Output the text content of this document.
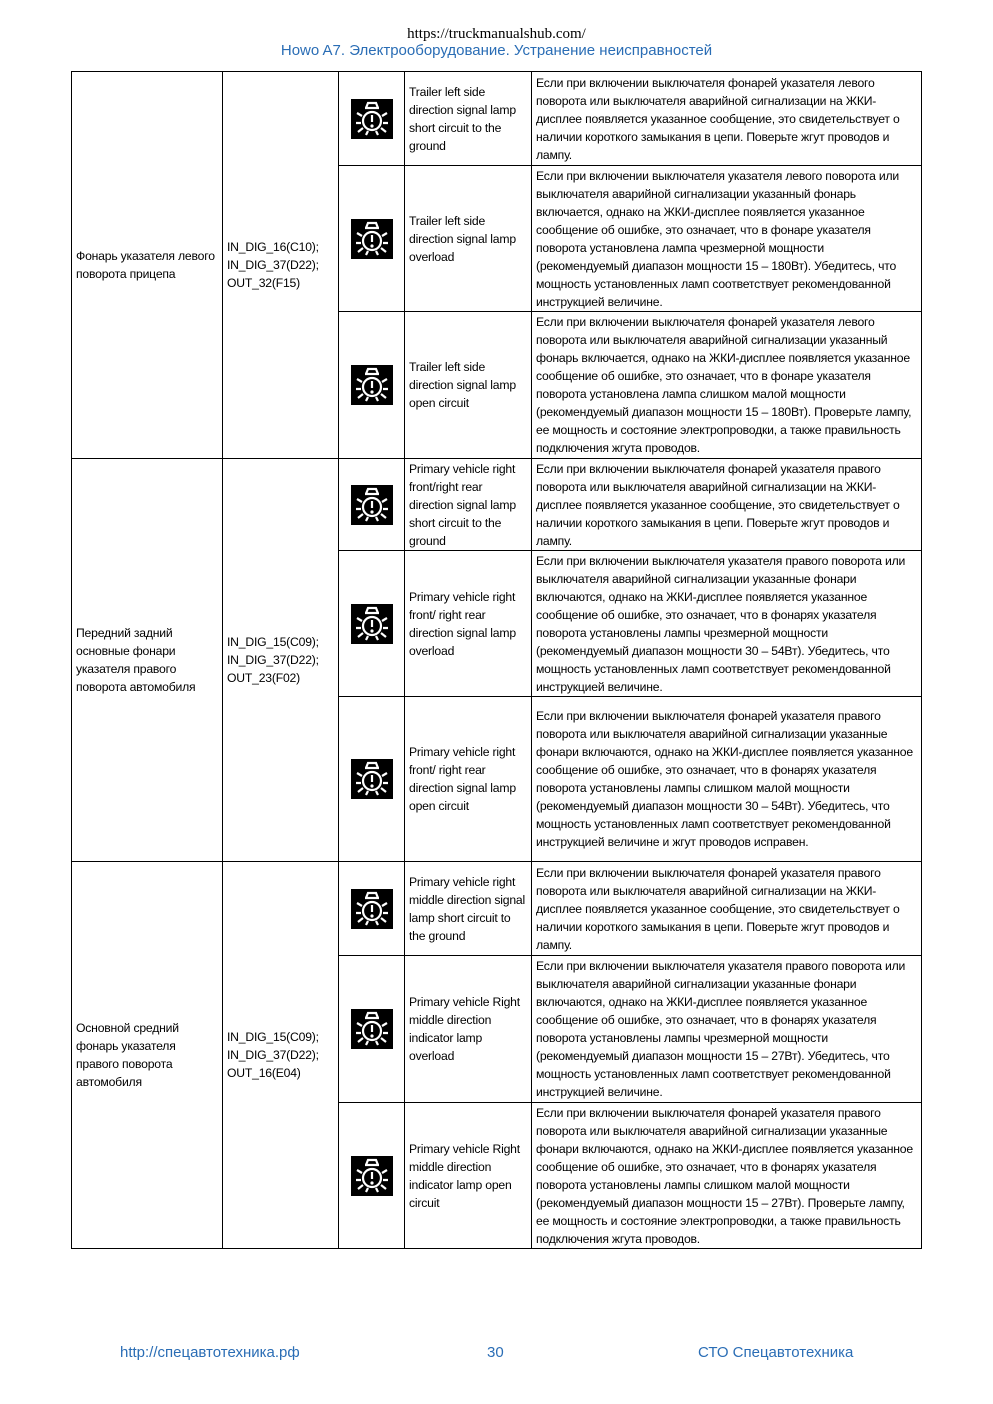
https://truckmanualshub.com/
Howo A7. Электрооборудование. Устранение неисправностей
Фонарь указателя левого поворота прицепа	IN_DIG_16(C10); IN_DIG_37(D22); OUT_32(F15)		Trailer left side direction signal lamp short circuit to the ground	Если при включении выключателя фонарей указателя левого поворота или выключателя аварийной сигнализации на ЖКИ-дисплее появляется указанное сообщение, это свидетельствует о наличии короткого замыкания в цепи. Поверьте жгут проводов и лампу.
	Trailer left side direction signal lamp overload	Если при включении выключателя указателя левого поворота или выключателя аварийной сигнализации указанный фонарь включается, однако на ЖКИ-дисплее появляется указанное сообщение об ошибке, это означает, что в фонаре указателя поворота установлена лампа чрезмерной мощности (рекомендуемый диапазон мощности 15 – 180Вт). Убедитесь, что мощность установленных ламп соответствует рекомендованной инструкцией величине.
	Trailer left side direction signal lamp open circuit	Если при включении выключателя фонарей указателя левого поворота или выключателя аварийной сигнализации указанный фонарь включается, однако на ЖКИ-дисплее появляется указанное сообщение об ошибке, это означает, что в фонаре указателя поворота установлена лампа слишком малой мощности (рекомендуемый диапазон мощности 15 – 180Вт). Проверьте лампу, ее мощность и состояние электропроводки, а также правильность подключения жгута проводов.
Передний задний основные фонари указателя правого поворота автомобиля	IN_DIG_15(C09); IN_DIG_37(D22); OUT_23(F02)		Primary vehicle right front/right rear direction signal lamp short circuit to the ground	Если при включении выключателя фонарей указателя правого поворота или выключателя аварийной сигнализации на ЖКИ-дисплее появляется указанное сообщение, это свидетельствует о наличии короткого замыкания в цепи. Поверьте жгут проводов и лампу.
	Primary vehicle right front/ right rear direction signal lamp overload	Если при включении выключателя указателя правого поворота или выключателя аварийной сигнализации указанные фонари включаются, однако на ЖКИ-дисплее появляется указанное сообщение об ошибке, это означает, что в фонарях указателя поворота установлены лампы чрезмерной мощности (рекомендуемый диапазон мощности 30 – 54Вт). Убедитесь, что мощность установленных ламп соответствует рекомендованной инструкцией величине.
	Primary vehicle right front/ right rear direction signal lamp open circuit	Если при включении выключателя фонарей указателя правого поворота или выключателя аварийной сигнализации указанные фонари включаются, однако на ЖКИ-дисплее появляется указанное сообщение об ошибке, это означает, что в фонарях указателя поворота установлены лампы слишком малой мощности (рекомендуемый диапазон мощности 30 – 54Вт). Убедитесь, что мощность установленных ламп соответствует рекомендованной инструкцией величине и жгут проводов исправен.
Основной средний фонарь указателя правого поворота автомобиля	IN_DIG_15(C09); IN_DIG_37(D22); OUT_16(E04)		Primary vehicle right middle direction signal lamp short circuit to the ground	Если при включении выключателя фонарей указателя правого поворота или выключателя аварийной сигнализации на ЖКИ-дисплее появляется указанное сообщение, это свидетельствует о наличии короткого замыкания в цепи. Поверьте жгут проводов и лампу.
	Primary vehicle Right middle direction indicator lamp overload	Если при включении выключателя указателя правого поворота или выключателя аварийной сигнализации указанные фонари включаются, однако на ЖКИ-дисплее появляется указанное сообщение об ошибке, это означает, что в фонарях указателя поворота установлены лампы чрезмерной мощности (рекомендуемый диапазон мощности 15 – 27Вт). Убедитесь, что мощность установленных ламп соответствует рекомендованной инструкцией величине.
	Primary vehicle Right middle direction indicator lamp open circuit	Если при включении выключателя фонарей указателя правого поворота или выключателя аварийной сигнализации указанные фонари включаются, однако на ЖКИ-дисплее появляется указанное сообщение об ошибке, это означает, что в фонарях указателя поворота установлены лампы слишком малой мощности (рекомендуемый диапазон мощности 15 – 27Вт). Проверьте лампу, ее мощность и состояние электропроводки, а также правильность подключения жгута проводов.
http://спецавтотехника.рф	30	СТО Спецавтотехника
